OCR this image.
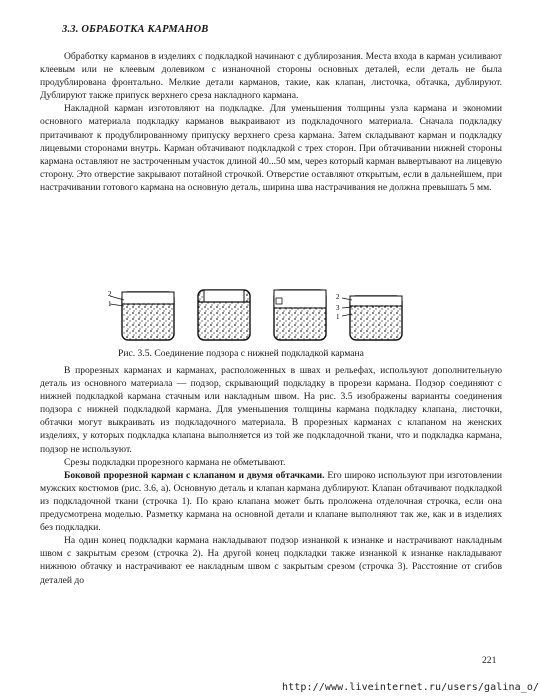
3.3. ОБРАБОТКА КАРМАНОВ

Обработку карманов в изделиях с подкладкой начинают с дублирозания. Места входа в карман усиливают клеевым или не клеевым долевиком с изнаночной стороны основных деталей, если деталь не была продублирована фронтально. Мелкие детали карманов, такие, как клапан, листочка, обтачка, дублируют. Дублируют также припуск верхнего среза накладного кармана.

Накладной карман изготовляют на подкладке. Для уменьшения толщины узла кармана и экономии основного материала подкладку карманов выкраивают из подкладочного материала. Сначала подкладку притачивают к продублированному припуску верхнего среза кармана. Затем складывают карман и подкладку лицевыми сторонами внутрь. Карман обтачивают подкладкой с трех сторон. При обтачивании нижней стороны кармана оставляют не застроченным участок длиной 40...50 мм, через который карман вывертывают на лицевую сторону. Это отверстие закрывают потайной строчкой. Отверстие оставляют открытым, если в дальнейшем, при настрачивании готового кармана на основную деталь, ширина шва настрачивания не должна превышать 5 мм.

2
1
2
3
1
Рис. 3.5. Соединение подзора с нижней подкладкой кармана

В прорезных карманах и карманах, расположенных в швах и рельефах, используют дополнительную деталь из основного материала — подзор, скрывающий подкладку в прорези кармана. Подзор соединяют с нижней подкладкой кармана стачным или накладным швом. На рис. 3.5 изображены варианты соединения подзора с нижней подкладкой кармана. Для уменьшения толщины кармана подкладку клапана, листочки, обтачки могут выкраивать из подкладочного материала. В прорезных карманах с клапаном на женских изделиях, у которых подкладка клапана выполняется из той же подкладочной ткани, что и подкладка кармана, подзор не используют.

Срезы подкладки прорезного кармана не обметывают.

Боковой прорезной карман с клапаном и двумя обтачками. Его широко используют при изготовлении мужских костюмов (рис. 3.6, а). Основную деталь и клапан кармана дублируют. Клапан обтачивают подкладкой из подкладочной ткани (строчка 1). По краю клапана может быть проложена отделочная строчка, если она предусмотрена моделью. Разметку кармана на основной детали и клапане выполняют так же, как и в изделиях без подкладки.

На один конец подкладки кармана накладывают подзор изнанкой к изнанке и настрачивают накладным швом с закрытым срезом (строчка 2). На другой конец подкладки также изнанкой к изнанке накладывают нижнюю обтачку и настрачивают ее накладным швом с закрытым срезом (строчка 3). Расстояние от сгибов деталей до

221
http://www.liveinternet.ru/users/galina_o/
